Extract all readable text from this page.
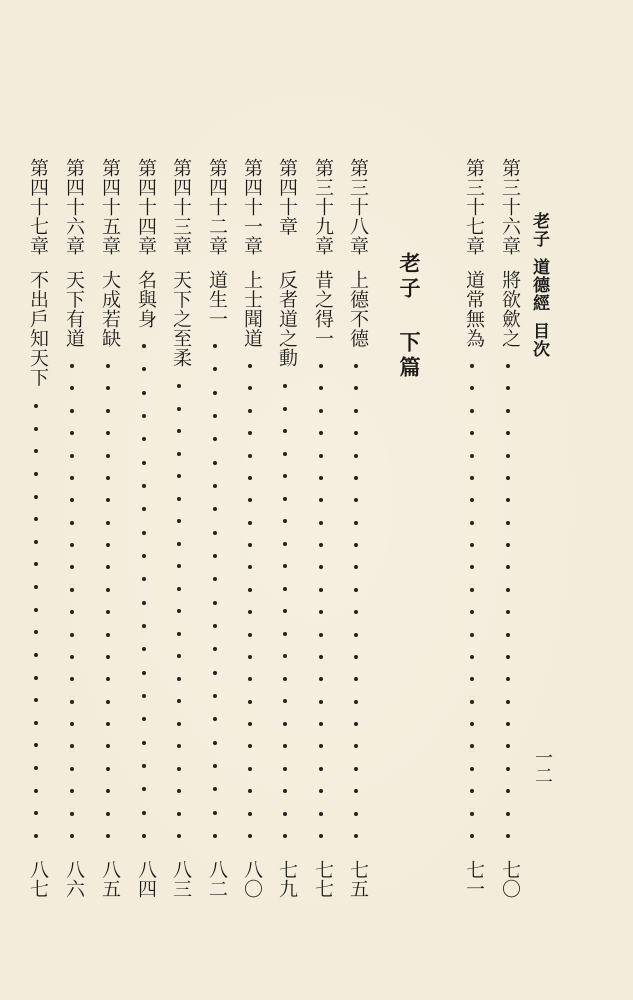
老子道德經目次
一二
老子 下篇
第三十六章
將欲歛之
七〇
第三十七章
道常無為
七一
第三十八章
上德不德
七五
第三十九章
昔之得一
七七
第四十章
反者道之動
七九
第四十一章
上士聞道
八〇
第四十二章
道生一
八二
第四十三章
天下之至柔
八三
第四十四章
名與身
八四
第四十五章
大成若缺
八五
第四十六章
天下有道
八六
第四十七章
不出戶知天下
八七
